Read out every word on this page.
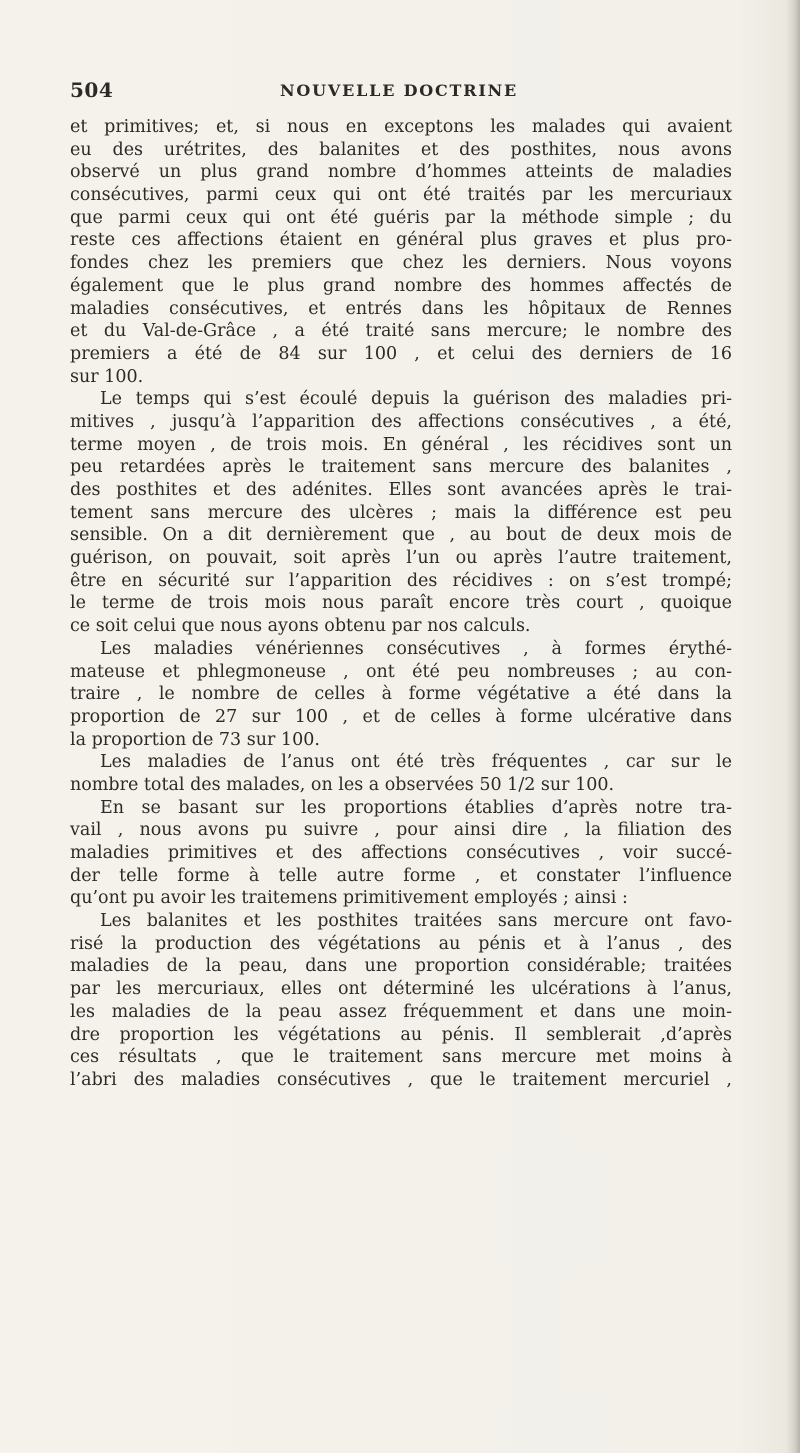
504	NOUVELLE DOCTRINE
et primitives; et, si nous en exceptons les malades qui avaient
eu des urétrites, des balanites et des posthites, nous avons
observé un plus grand nombre d’hommes atteints de maladies
consécutives, parmi ceux qui ont été traités par les mercuriaux
que parmi ceux qui ont été guéris par la méthode simple ; du
reste ces affections étaient en général plus graves et plus pro-
fondes chez les premiers que chez les derniers. Nous voyons
également que le plus grand nombre des hommes affectés de
maladies consécutives, et entrés dans les hôpitaux de Rennes
et du Val-de-Grâce , a été traité sans mercure; le nombre des
premiers a été de 84 sur 100 , et celui des derniers de 16
sur 100.
Le temps qui s’est écoulé depuis la guérison des maladies pri-
mitives , jusqu’à l’apparition des affections consécutives , a été,
terme moyen , de trois mois. En général , les récidives sont un
peu retardées après le traitement sans mercure des balanites ,
des posthites et des adénites. Elles sont avancées après le trai-
tement sans mercure des ulcères ; mais la différence est peu
sensible. On a dit dernièrement que , au bout de deux mois de
guérison, on pouvait, soit après l’un ou après l’autre traitement,
être en sécurité sur l’apparition des récidives : on s’est trompé;
le terme de trois mois nous paraît encore très court , quoique
ce soit celui que nous ayons obtenu par nos calculs.
Les maladies vénériennes consécutives , à formes érythé-
mateuse et phlegmoneuse , ont été peu nombreuses ; au con-
traire , le nombre de celles à forme végétative a été dans la
proportion de 27 sur 100 , et de celles à forme ulcérative dans
la proportion de 73 sur 100.
Les maladies de l’anus ont été très fréquentes , car sur le
nombre total des malades, on les a observées 50 1/2 sur 100.
En se basant sur les proportions établies d’après notre tra-
vail , nous avons pu suivre , pour ainsi dire , la filiation des
maladies primitives et des affections consécutives , voir succé-
der telle forme à telle autre forme , et constater l’influence
qu’ont pu avoir les traitemens primitivement employés ; ainsi :
Les balanites et les posthites traitées sans mercure ont favo-
risé la production des végétations au pénis et à l’anus , des
maladies de la peau, dans une proportion considérable; traitées
par les mercuriaux, elles ont déterminé les ulcérations à l’anus,
les maladies de la peau assez fréquemment et dans une moin-
dre proportion les végétations au pénis. Il semblerait ,d’après
ces résultats , que le traitement sans mercure met moins à
l’abri des maladies consécutives , que le traitement mercuriel ,
